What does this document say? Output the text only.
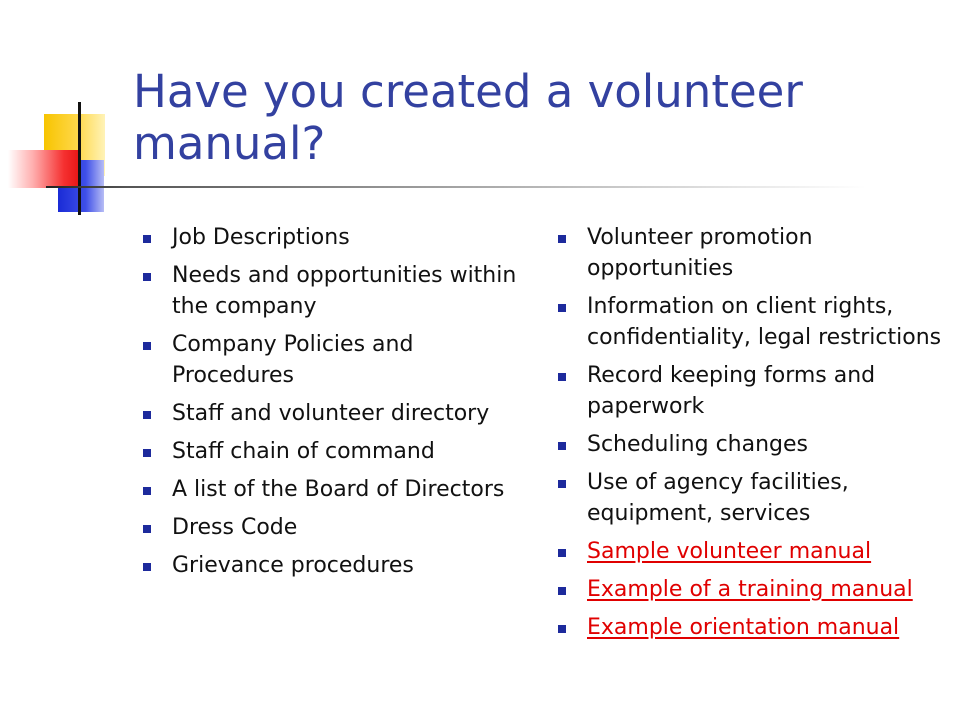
Have you created a volunteer manual?
Job Descriptions
Needs and opportunities within the company
Company Policies and Procedures
Staff and volunteer directory
Staff chain of command
A list of the Board of Directors
Dress Code
Grievance procedures
Volunteer promotion opportunities
Information on client rights, confidentiality, legal restrictions
Record keeping forms and paperwork
Scheduling changes
Use of agency facilities, equipment, services
Sample volunteer manual
Example of a training manual
Example orientation manual
